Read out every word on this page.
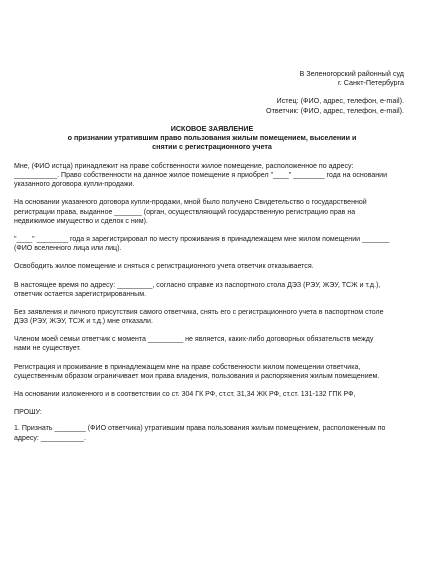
В Зеленогорский районный суд
г. Санкт-Петербурга
Истец: (ФИО, адрес, телефон, e-mail).
Ответчик: (ФИО, адрес, телефон, e-mail).
ИСКОВОЕ ЗАЯВЛЕНИЕ
о признании утратившим право пользования жилым помещением, выселении и
снятии с регистрационного учета

Мне, (ФИО истца) принадлежит на праве собственности жилое помещение, расположенное по адресу:
___________. Право собственности на данное жилое помещение я приобрел "____" ________ года на основании
указанного договора купли-продажи.

На основании указанного договора купли-продажи, мной было получено Свидетельство о государственной
регистрации права, выданное _______ (орган, осуществляющий государственную регистрацию прав на
недвижимое имущество и сделок с ним).

"____" ________ года я зарегистрировал по месту проживания в принадлежащем мне жилом помещении _______
(ФИО вселенного лица или лиц).

Освободить жилое помещение и сняться с регистрационного учета ответчик отказывается.

В настоящее время по адресу: _________, согласно справке из паспортного стола ДЭЗ (РЭУ, ЖЭУ, ТСЖ и т.д.),
ответчик остается зарегистрированным.

Без заявления и личного присутствия самого ответчика, снять его с регистрационного учета в паспортном столе
ДЭЗ (РЭУ, ЖЭУ, ТСЖ и т.д.) мне отказали.

Членом моей семьи ответчик с момента _________ не является, каких-либо договорных обязательств между
нами не существует.

Регистрация и проживание в принадлежащем мне на праве собственности жилом помещении ответчика,
существенным образом ограничивает мои права владения, пользования и распоряжения жилым помещением.

На основании изложенного и в соответствии со ст. 304 ГК РФ, ст.ст. 31,34 ЖК РФ, ст.ст. 131-132 ГПК РФ,

ПРОШУ:

1. Признать ________ (ФИО ответчика) утратившим права пользования жилым помещением, расположенным по
адресу: ___________.
